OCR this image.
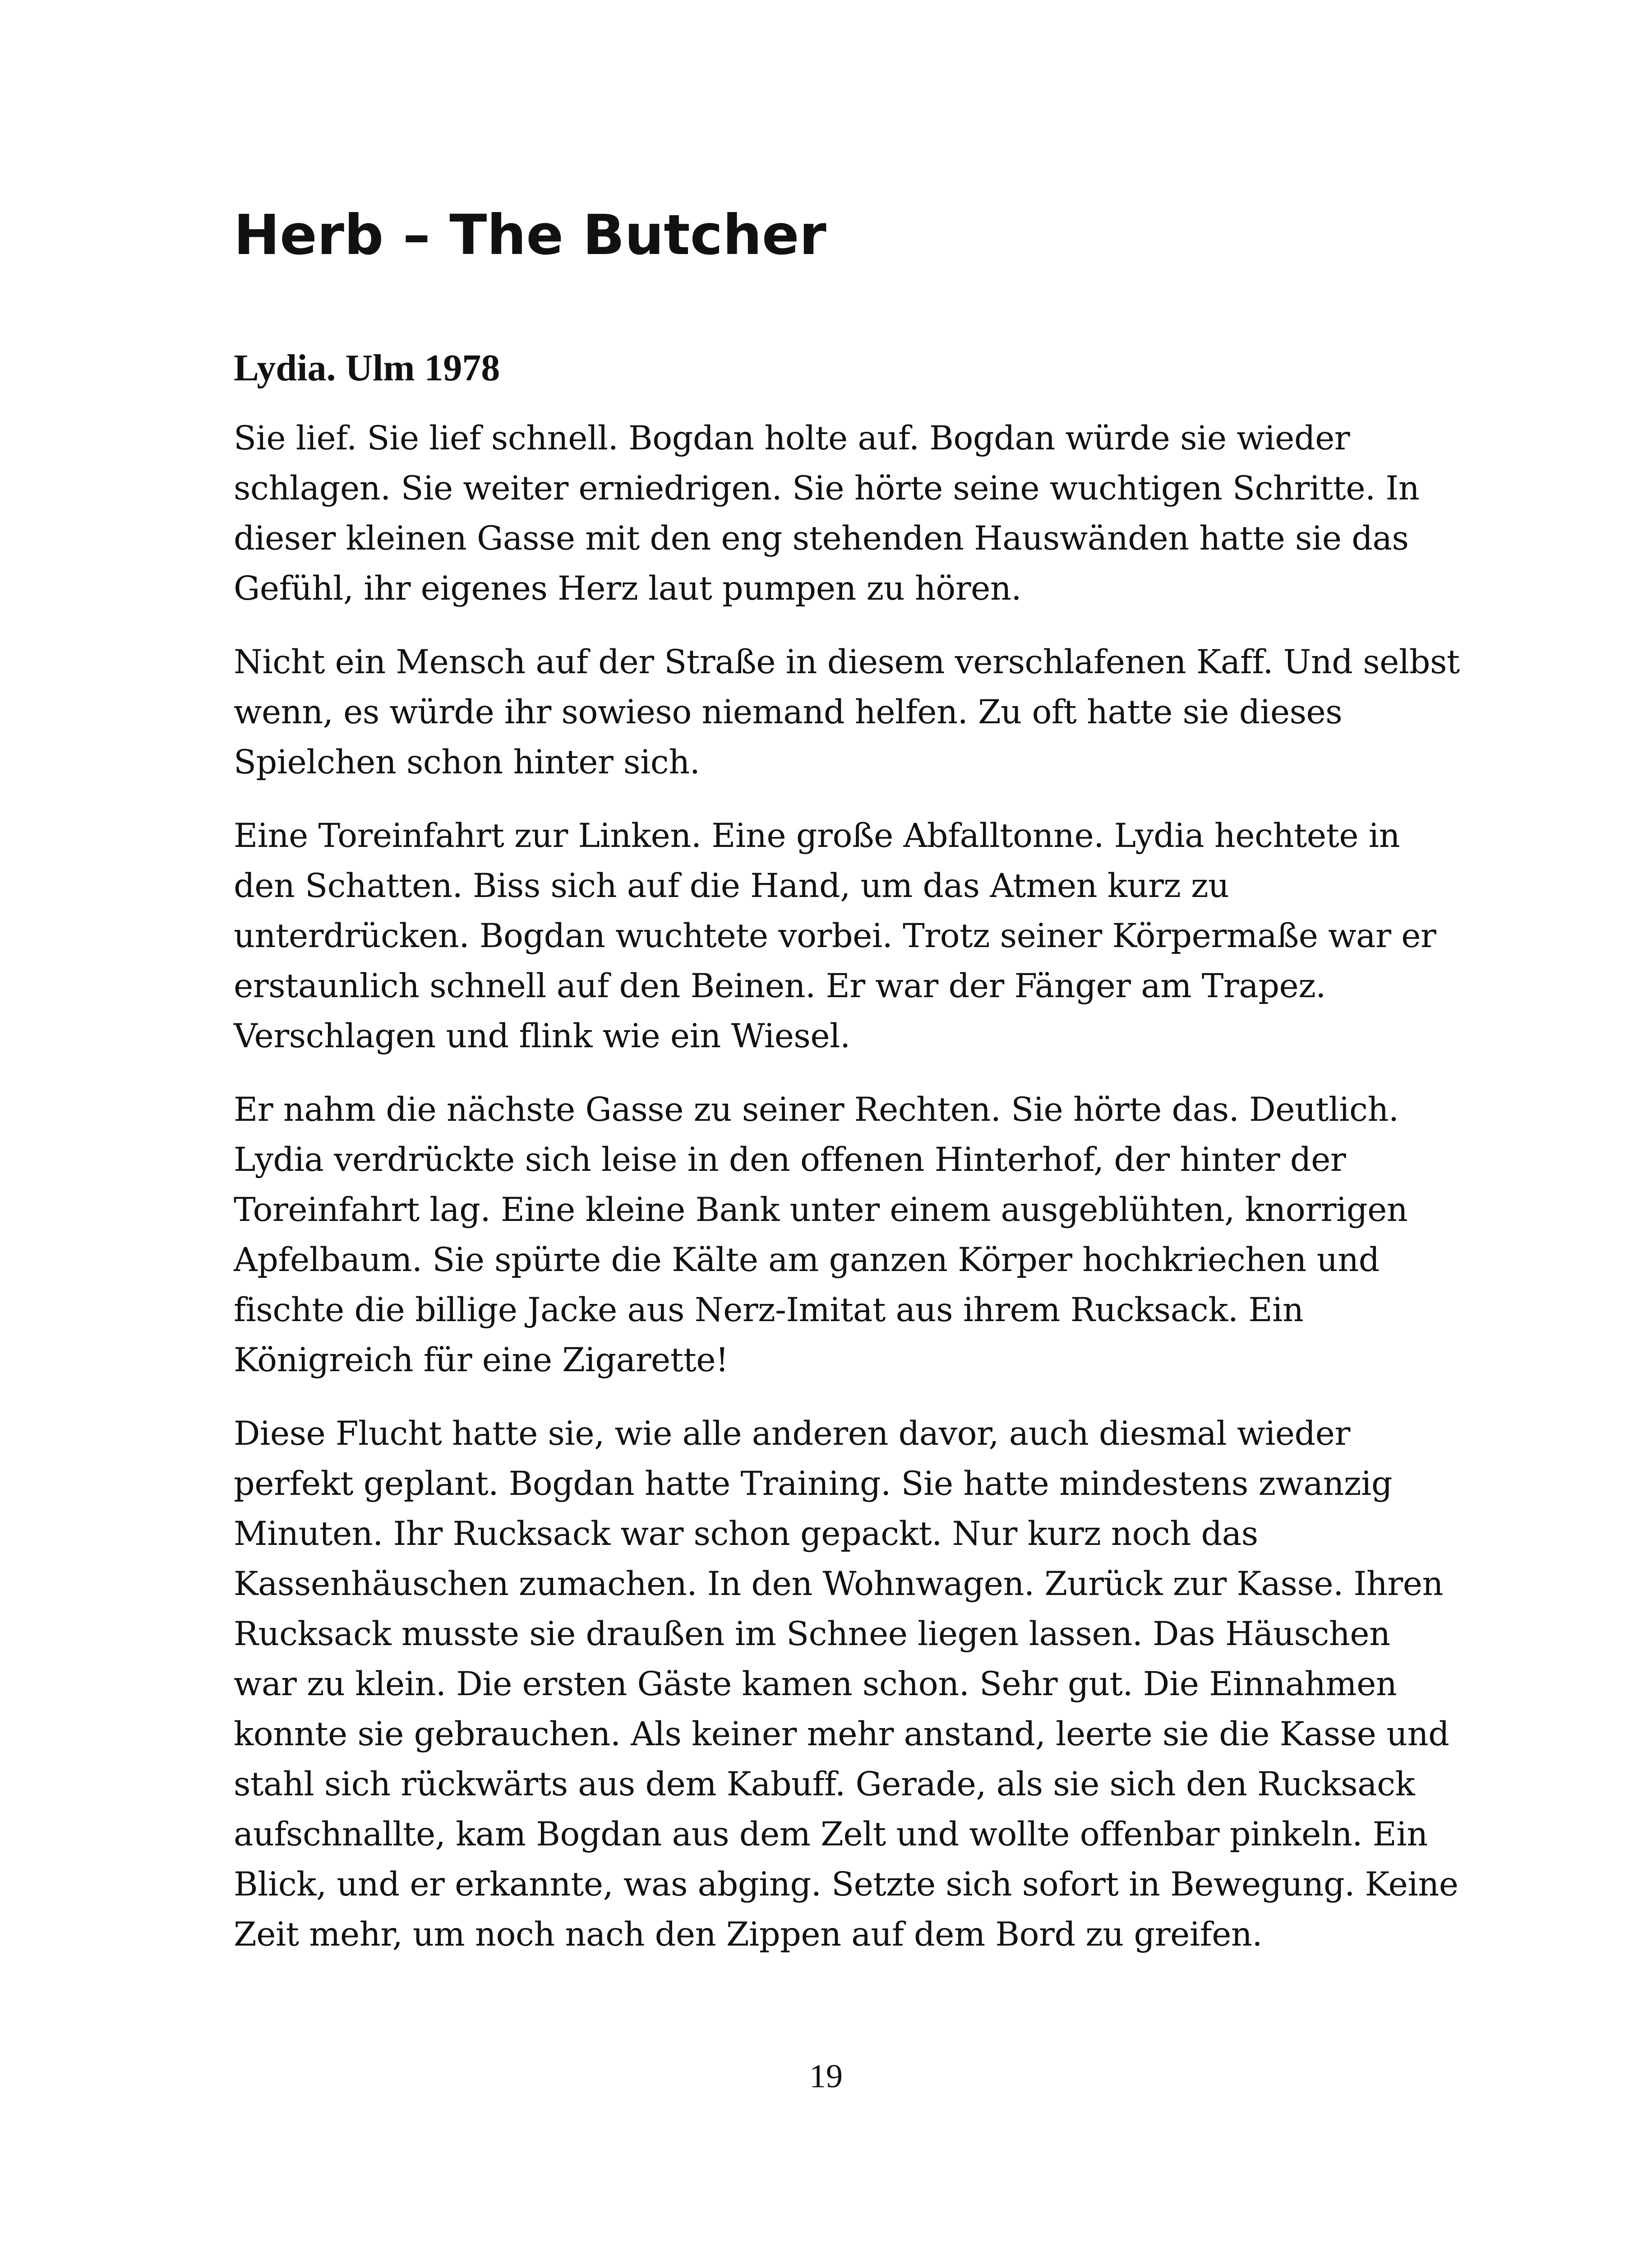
Herb – The Butcher

Lydia. Ulm 1978

Sie lief. Sie lief schnell. Bogdan holte auf. Bogdan würde sie wieder schlagen. Sie weiter erniedrigen. Sie hörte seine wuchtigen Schritte. In dieser kleinen Gasse mit den eng stehenden Hauswänden hatte sie das Gefühl, ihr eigenes Herz laut pumpen zu hören.

Nicht ein Mensch auf der Straße in diesem verschlafenen Kaff. Und selbst wenn, es würde ihr sowieso niemand helfen. Zu oft hatte sie dieses Spielchen schon hinter sich.

Eine Toreinfahrt zur Linken. Eine große Abfalltonne. Lydia hechtete in den Schatten. Biss sich auf die Hand, um das Atmen kurz zu unterdrücken. Bogdan wuchtete vorbei. Trotz seiner Körpermaße war er erstaunlich schnell auf den Beinen. Er war der Fänger am Trapez. Verschlagen und flink wie ein Wiesel.

Er nahm die nächste Gasse zu seiner Rechten. Sie hörte das. Deutlich. Lydia verdrückte sich leise in den offenen Hinterhof, der hinter der Toreinfahrt lag. Eine kleine Bank unter einem ausgeblühten, knorrigen Apfelbaum. Sie spürte die Kälte am ganzen Körper hochkriechen und fischte die billige Jacke aus Nerz-Imitat aus ihrem Rucksack. Ein Königreich für eine Zigarette!

Diese Flucht hatte sie, wie alle anderen davor, auch diesmal wieder perfekt geplant. Bogdan hatte Training. Sie hatte mindestens zwanzig Minuten. Ihr Rucksack war schon gepackt. Nur kurz noch das Kassenhäuschen zumachen. In den Wohnwagen. Zurück zur Kasse. Ihren Rucksack musste sie draußen im Schnee liegen lassen. Das Häuschen war zu klein. Die ersten Gäste kamen schon. Sehr gut. Die Einnahmen konnte sie gebrauchen. Als keiner mehr anstand, leerte sie die Kasse und stahl sich rückwärts aus dem Kabuff. Gerade, als sie sich den Rucksack aufschnallte, kam Bogdan aus dem Zelt und wollte offenbar pinkeln. Ein Blick, und er erkannte, was abging. Setzte sich sofort in Bewegung. Keine Zeit mehr, um noch nach den Zippen auf dem Bord zu greifen.

19
